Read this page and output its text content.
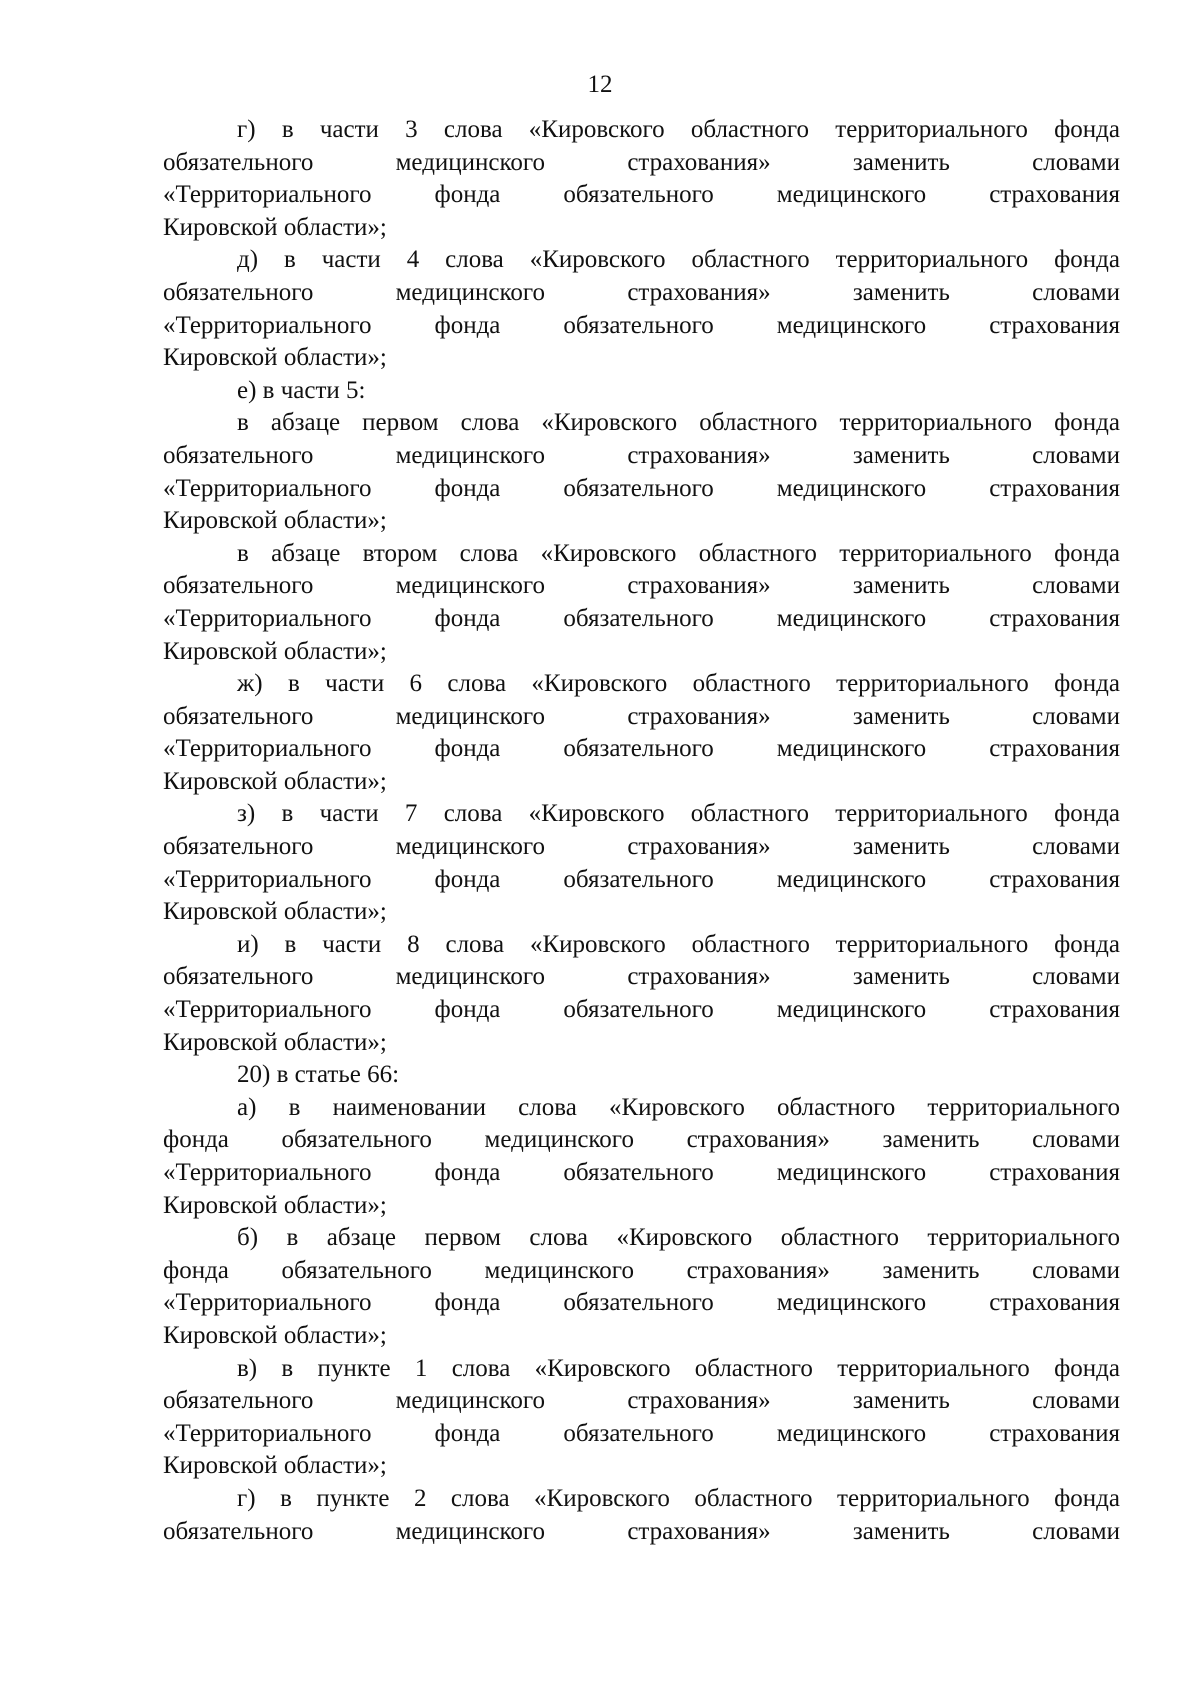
12

г) в части 3 слова «Кировского областного территориального фонда
обязательного медицинского страхования» заменить словами
«Территориального фонда обязательного медицинского страхования
Кировской области»;

д) в части 4 слова «Кировского областного территориального фонда
обязательного медицинского страхования» заменить словами
«Территориального фонда обязательного медицинского страхования
Кировской области»;

е) в части 5:

в абзаце первом слова «Кировского областного территориального фонда
обязательного медицинского страхования» заменить словами
«Территориального фонда обязательного медицинского страхования
Кировской области»;

в абзаце втором слова «Кировского областного территориального фонда
обязательного медицинского страхования» заменить словами
«Территориального фонда обязательного медицинского страхования
Кировской области»;

ж) в части 6 слова «Кировского областного территориального фонда
обязательного медицинского страхования» заменить словами
«Территориального фонда обязательного медицинского страхования
Кировской области»;

з) в части 7 слова «Кировского областного территориального фонда
обязательного медицинского страхования» заменить словами
«Территориального фонда обязательного медицинского страхования
Кировской области»;

и) в части 8 слова «Кировского областного территориального фонда
обязательного медицинского страхования» заменить словами
«Территориального фонда обязательного медицинского страхования
Кировской области»;

20) в статье 66:

а) в наименовании слова «Кировского областного территориального
фонда обязательного медицинского страхования» заменить словами
«Территориального фонда обязательного медицинского страхования
Кировской области»;

б) в абзаце первом слова «Кировского областного территориального
фонда обязательного медицинского страхования» заменить словами
«Территориального фонда обязательного медицинского страхования
Кировской области»;

в) в пункте 1 слова «Кировского областного территориального фонда
обязательного медицинского страхования» заменить словами
«Территориального фонда обязательного медицинского страхования
Кировской области»;

г) в пункте 2 слова «Кировского областного территориального фонда
обязательного медицинского страхования» заменить словами
